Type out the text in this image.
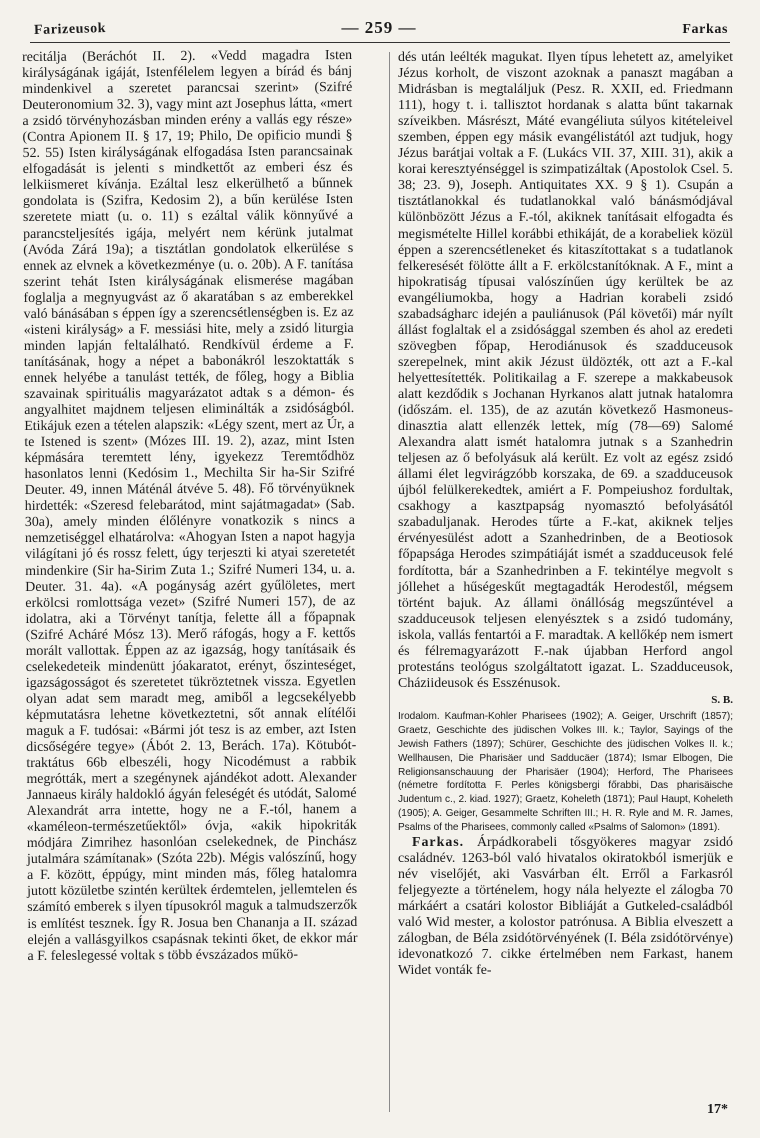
Farizeusok	— 259 —	Farkas

recitálja (Beráchót II. 2). «Vedd magadra Isten királyságának igáját, Istenfélelem legyen a bírád és bánj mindenkivel a szeretet parancsai szerint» (Szifré Deuteronomium 32. 3), vagy mint azt Josephus látta, «mert a zsidó törvényhozásban minden erény a vallás egy része» (Contra Apionem II. § 17, 19; Philo, De opificio mundi § 52. 55) Isten királyságának elfogadása Isten parancsainak elfogadását is jelenti s mindkettőt az emberi ész és lelkiismeret kívánja. Ezáltal lesz elkerülhető a bűnnek gondolata is (Szifra, Kedosim 2), a bűn kerülése Isten szeretete miatt (u. o. 11) s ezáltal válik könnyűvé a parancsteljesítés igája, melyért nem kérünk jutalmat (Avóda Zárá 19a); a tisztátlan gondolatok elkerülése s ennek az elvnek a következménye (u. o. 20b). A F. tanítása szerint tehát Isten királyságának elismerése magában foglalja a megnyugvást az ő akaratában s az emberekkel való bánásában s éppen így a szerencsétlenségben is. Ez az «isteni királyság» a F. messiási hite, mely a zsidó liturgia minden lapján feltalálható. Rendkívül érdeme a F. tanításának, hogy a népet a babonákról leszoktatták s ennek helyébe a tanulást tették, de főleg, hogy a Biblia szavainak spirituális magyarázatot adtak s a démon- és angyalhitet majdnem teljesen eliminálták a zsidóságból. Etikájuk ezen a tételen alapszik: «Légy szent, mert az Úr, a te Istened is szent» (Mózes III. 19. 2), azaz, mint Isten képmására teremtett lény, igyekezz Teremtődhöz hasonlatos lenni (Kedósim 1., Mechilta Sir ha-Sir Szifré Deuter. 49, innen Máténál átvéve 5. 48). Fő törvényüknek hirdették: «Szeresd felebarátod, mint sajátmagadat» (Sab. 30a), amely minden élőlényre vonatkozik s nincs a nemzetiséggel elhatárolva: «Ahogyan Isten a napot hagyja világítani jó és rossz felett, úgy terjeszti ki atyai szeretetét mindenkire (Sir ha-Sirim Zuta 1.; Szifré Numeri 134, u. a. Deuter. 31. 4a). «A pogányság azért gyűlöletes, mert erkölcsi romlottsága vezet» (Szifré Numeri 157), de az idolatra, aki a Törvényt tanítja, felette áll a főpapnak (Szifré Acháré Mósz 13). Merő ráfogás, hogy a F. kettős morált vallottak. Éppen az az igazság, hogy tanításaik és cselekedeteik mindenütt jóakaratot, erényt, őszinteséget, igazságosságot és szeretetet tükröztetnek vissza. Egyetlen olyan adat sem maradt meg, amiből a legcsekélyebb képmutatásra lehetne következtetni, sőt annak elítélői maguk a F. tudósai: «Bármi jót tesz is az ember, azt Isten dicsőségére tegye» (Ábót 2. 13, Berách. 17a). Kötubót-traktátus 66b elbeszéli, hogy Nicodémust a rabbik megrótták, mert a szegénynek ajándékot adott. Alexander Jannaeus király haldokló ágyán feleségét és utódát, Salomé Alexandrát arra intette, hogy ne a F.-tól, hanem a «kaméleon-természetűektől» óvja, «akik hipokriták módjára Zimrihez hasonlóan cselekednek, de Pinchász jutalmára számítanak» (Szóta 22b). Mégis valószínű, hogy a F. között, éppúgy, mint minden más, főleg hatalomra jutott közületbe szintén kerültek érdemtelen, jellemtelen és számító emberek s ilyen típusokról maguk a talmudszerzők is említést tesznek. Így R. Josua ben Chananja a II. század elején a vallásgyilkos csapásnak tekinti őket, de ekkor már a F. feleslegessé voltak s több évszázados műkö-

dés után leélték magukat. Ilyen típus lehetett az, amelyiket Jézus korholt, de viszont azoknak a panaszt magában a Midrásban is megtaláljuk (Pesz. R. XXII, ed. Friedmann 111), hogy t. i. tallisztot hordanak s alatta bűnt takarnak szíveikben. Másrészt, Máté evangéliuta súlyos kitételeivel szemben, éppen egy másik evangélistától azt tudjuk, hogy Jézus barátjai voltak a F. (Lukács VII. 37, XIII. 31), akik a korai keresztyénséggel is szimpatizáltak (Apostolok Csel. 5. 38; 23. 9), Joseph. Antiquitates XX. 9 § 1). Csupán a tisztátlanokkal és tudatlanokkal való bánásmódjával különbözött Jézus a F.-tól, akiknek tanításait elfogadta és megismételte Hillel korábbi ethikáját, de a korabeliek közül éppen a szerencsétleneket és kitaszítottakat s a tudatlanok felkeresését fölötte állt a F. erkölcstanítóknak. A F., mint a hipokratiság típusai valószínűen úgy kerültek be az evangéliumokba, hogy a Hadrian korabeli zsidó szabadságharc idején a pauliánusok (Pál követői) már nyílt állást foglaltak el a zsidósággal szemben és ahol az eredeti szövegben főpap, Herodiánusok és szadduceusok szerepelnek, mint akik Jézust üldözték, ott azt a F.-kal helyettesítették. Politikailag a F. szerepe a makkabeusok alatt kezdődik s Jochanan Hyrkanos alatt jutnak hatalomra (időszám. el. 135), de az azután következő Hasmoneus-dinasztia alatt ellenzék lettek, míg (78—69) Salomé Alexandra alatt ismét hatalomra jutnak s a Szanhedrin teljesen az ő befolyásuk alá került. Ez volt az egész zsidó állami élet legvirágzóbb korszaka, de 69. a szadduceusok újból felülkerekedtek, amiért a F. Pompeiushoz fordultak, csakhogy a kasztpapság nyomasztó befolyásától szabaduljanak. Herodes tűrte a F.-kat, akiknek teljes érvényesülést adott a Szanhedrinben, de a Beotiosok főpapsága Herodes szimpátiáját ismét a szadduceusok felé fordította, bár a Szanhedrinben a F. tekintélye megvolt s jóllehet a hűségeskűt megtagadták Herodestől, mégsem történt bajuk. Az állami önállóság megszűntével a szadduceusok teljesen elenyésztek s a zsidó tudomány, iskola, vallás fentartói a F. maradtak. A kellőkép nem ismert és félremagyarázott F.-nak újabban Herford angol protestáns teológus szolgáltatott igazat. L. Szadduceusok, Cháziideusok és Esszénusok.

S. B.
Irodalom. Kaufman-Kohler Pharisees (1902); A. Geiger, Urschrift (1857); Graetz, Geschichte des jüdischen Volkes III. k.; Taylor, Sayings of the Jewish Fathers (1897); Schürer, Geschichte des jüdischen Volkes II. k.; Wellhausen, Die Pharisäer und Sadducäer (1874); Ismar Elbogen, Die Religionsanschauung der Pharisäer (1904); Herford, The Pharisees (németre fordította F. Perles königsbergi főrabbi, Das pharisäische Judentum c., 2. kiad. 1927); Graetz, Koheleth (1871); Paul Haupt, Koheleth (1905); A. Geiger, Gesammelte Schriften III.; H. R. Ryle and M. R. James, Psalms of the Pharisees, commonly called «Psalms of Salomon» (1891).

Farkas. Árpádkorabeli tősgyökeres magyar zsidó családnév. 1263-ból való hivatalos okiratokból ismerjük e név viselőjét, aki Vasvárban élt. Erről a Farkasról feljegyezte a történelem, hogy nála helyezte el zálogba 70 márkáért a csatári kolostor Bibliáját a Gutkeled-családból való Wid mester, a kolostor patrónusa. A Biblia elveszett a zálogban, de Béla zsidótörvényének (I. Béla zsidótörvénye) idevonatkozó 7. cikke értelmében nem Farkast, hanem Widet vonták fe-

17*
